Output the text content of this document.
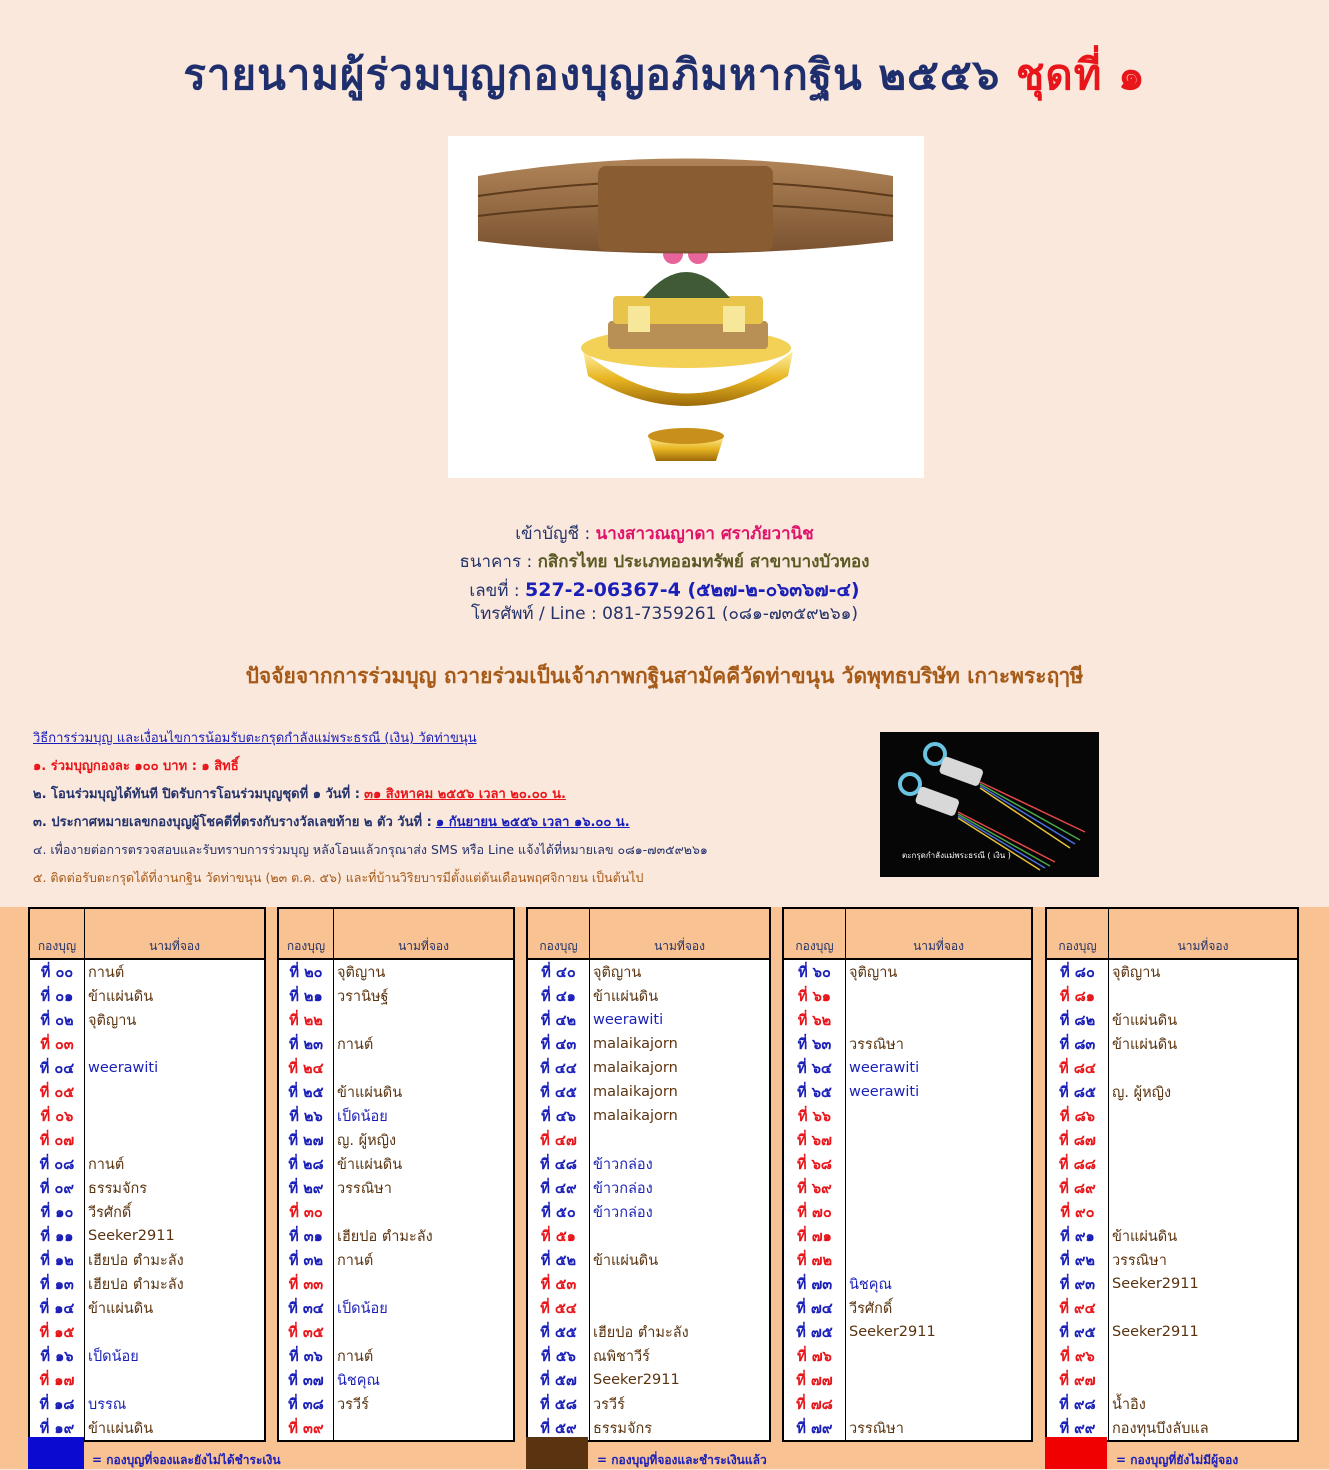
รายนามผู้ร่วมบุญกองบุญอภิมหากฐิน ๒๕๕๖ ชุดที่ ๑
เข้าบัญชี : นางสาวณญาดา ศราภัยวานิช
ธนาคาร : กสิกรไทย ประเภทออมทรัพย์ สาขาบางบัวทอง
เลขที่ : 527-2-06367-4 (๕๒๗-๒-๐๖๓๖๗-๔)
โทรศัพท์ / Line : 081-7359261 (๐๘๑-๗๓๕๙๒๖๑)
ปัจจัยจากการร่วมบุญ ถวายร่วมเป็นเจ้าภาพกฐินสามัคคีวัดท่าขนุน วัดพุทธบริษัท เกาะพระฤๅษี
วิธีการร่วมบุญ และเงื่อนไขการน้อมรับตะกรุดกำลังแม่พระธรณี (เงิน) วัดท่าขนุน
๑. ร่วมบุญกองละ ๑๐๐ บาท : ๑ สิทธิ์
๒. โอนร่วมบุญได้ทันที ปิดรับการโอนร่วมบุญชุดที่ ๑ วันที่ : ๓๑ สิงหาคม ๒๕๕๖ เวลา ๒๐.๐๐ น.
๓. ประกาศหมายเลขกองบุญผู้โชคดีที่ตรงกับรางวัลเลขท้าย ๒ ตัว วันที่ : ๑ กันยายน ๒๕๕๖ เวลา ๑๖.๐๐ น.
๔. เพื่องายต่อการตรวจสอบและรับทราบการร่วมบุญ หลังโอนแล้วกรุณาส่ง SMS หรือ Line แจ้งได้ที่หมายเลข ๐๘๑-๗๓๕๙๒๖๑
๕. ติดต่อรับตะกรุดได้ที่งานกฐิน วัดท่าขนุน (๒๓ ต.ค. ๕๖) และที่บ้านวิริยบารมีตั้งแต่ต้นเดือนพฤศจิกายน เป็นต้นไป
ตะกรุดกำลังแม่พระธรณี ( เงิน )
กองบุญ	นามที่จอง
ที่ ๐๐	กานต์
ที่ ๐๑	ข้าแผ่นดิน
ที่ ๐๒	จุติญาน
ที่ ๐๓	
ที่ ๐๔	weerawiti
ที่ ๐๕	
ที่ ๐๖	
ที่ ๐๗	
ที่ ๐๘	กานต์
ที่ ๐๙	ธรรมจักร
ที่ ๑๐	วีรศักดิ์
ที่ ๑๑	Seeker2911
ที่ ๑๒	เฮียปอ ตำมะลัง
ที่ ๑๓	เฮียปอ ตำมะลัง
ที่ ๑๔	ข้าแผ่นดิน
ที่ ๑๕	
ที่ ๑๖	เป็ดน้อย
ที่ ๑๗	
ที่ ๑๘	บรรณ
ที่ ๑๙	ข้าแผ่นดิน
กองบุญ	นามที่จอง
ที่ ๒๐	จุติญาน
ที่ ๒๑	วรานิษฐ์
ที่ ๒๒	
ที่ ๒๓	กานต์
ที่ ๒๔	
ที่ ๒๕	ข้าแผ่นดิน
ที่ ๒๖	เป็ดน้อย
ที่ ๒๗	ญ. ผู้หญิง
ที่ ๒๘	ข้าแผ่นดิน
ที่ ๒๙	วรรณิษา
ที่ ๓๐	
ที่ ๓๑	เฮียปอ ตำมะลัง
ที่ ๓๒	กานต์
ที่ ๓๓	
ที่ ๓๔	เป็ดน้อย
ที่ ๓๕	
ที่ ๓๖	กานต์
ที่ ๓๗	นิชคุณ
ที่ ๓๘	วรวีร์
ที่ ๓๙	
กองบุญ	นามที่จอง
ที่ ๔๐	จุติญาน
ที่ ๔๑	ข้าแผ่นดิน
ที่ ๔๒	weerawiti
ที่ ๔๓	malaikajorn
ที่ ๔๔	malaikajorn
ที่ ๔๕	malaikajorn
ที่ ๔๖	malaikajorn
ที่ ๔๗	
ที่ ๔๘	ข้าวกล่อง
ที่ ๔๙	ข้าวกล่อง
ที่ ๕๐	ข้าวกล่อง
ที่ ๕๑	
ที่ ๕๒	ข้าแผ่นดิน
ที่ ๕๓	
ที่ ๕๔	
ที่ ๕๕	เฮียปอ ตำมะลัง
ที่ ๕๖	ณพิชาวีร์
ที่ ๕๗	Seeker2911
ที่ ๕๘	วรวีร์
ที่ ๕๙	ธรรมจักร
กองบุญ	นามที่จอง
ที่ ๖๐	จุติญาน
ที่ ๖๑	
ที่ ๖๒	
ที่ ๖๓	วรรณิษา
ที่ ๖๔	weerawiti
ที่ ๖๕	weerawiti
ที่ ๖๖	
ที่ ๖๗	
ที่ ๖๘	
ที่ ๖๙	
ที่ ๗๐	
ที่ ๗๑	
ที่ ๗๒	
ที่ ๗๓	นิชคุณ
ที่ ๗๔	วีรศักดิ์
ที่ ๗๕	Seeker2911
ที่ ๗๖	
ที่ ๗๗	
ที่ ๗๘	
ที่ ๗๙	วรรณิษา
กองบุญ	นามที่จอง
ที่ ๘๐	จุติญาน
ที่ ๘๑	
ที่ ๘๒	ข้าแผ่นดิน
ที่ ๘๓	ข้าแผ่นดิน
ที่ ๘๔	
ที่ ๘๕	ญ. ผู้หญิง
ที่ ๘๖	
ที่ ๘๗	
ที่ ๘๘	
ที่ ๘๙	
ที่ ๙๐	
ที่ ๙๑	ข้าแผ่นดิน
ที่ ๙๒	วรรณิษา
ที่ ๙๓	Seeker2911
ที่ ๙๔	
ที่ ๙๕	Seeker2911
ที่ ๙๖	
ที่ ๙๗	
ที่ ๙๘	น้ำอิง
ที่ ๙๙	กองทุนบึงลับแล
= กองบุญที่จองและยังไม่ได้ชำระเงิน	= กองบุญที่จองและชำระเงินแล้ว	= กองบุญที่ยังไม่มีผู้จอง
